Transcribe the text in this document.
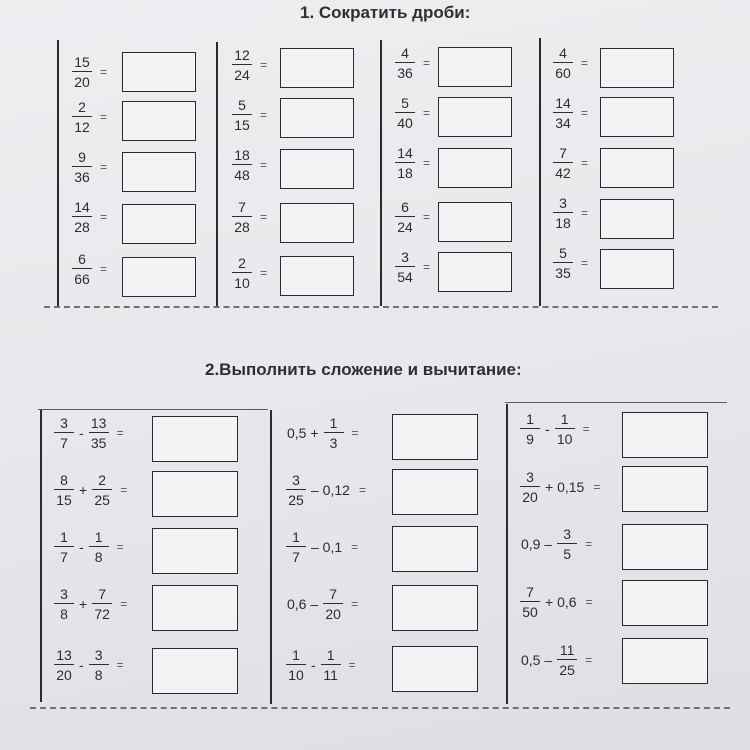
1. Сократить дроби:
$\frac{15}{20}$ =
$\frac{2}{12}$ =
$\frac{9}{36}$ =
$\frac{14}{28}$ =
$\frac{6}{66}$ =
$\frac{12}{24}$ =
$\frac{5}{15}$ =
$\frac{18}{48}$ =
$\frac{7}{28}$ =
$\frac{2}{10}$ =
$\frac{4}{36}$ =
$\frac{5}{40}$ =
$\frac{14}{18}$ =
$\frac{6}{24}$ =
$\frac{3}{54}$ =
$\frac{4}{60}$ =
$\frac{14}{34}$ =
$\frac{7}{42}$ =
$\frac{3}{18}$ =
$\frac{5}{35}$ =
2.Выполнить сложение и вычитание:
$\frac{3}{7} - \frac{13}{35}$ =
$\frac{8}{15} + \frac{2}{25}$ =
$\frac{1}{7} - \frac{1}{8}$ =
$\frac{3}{8} + \frac{7}{72}$ =
$\frac{13}{20} - \frac{3}{8}$ =
$0,5 + \frac{1}{3}$ =
$\frac{3}{25} - 0,12$ =
$\frac{1}{7} - 0,1$ =
$0,6 - \frac{7}{20}$ =
$\frac{1}{10} - \frac{1}{11}$ =
$\frac{1}{9} - \frac{1}{10}$ =
$\frac{3}{20} + 0,15$ =
$0,9 - \frac{3}{5}$ =
$\frac{7}{50} + 0,6$ =
$0,5 - \frac{11}{25}$ =
